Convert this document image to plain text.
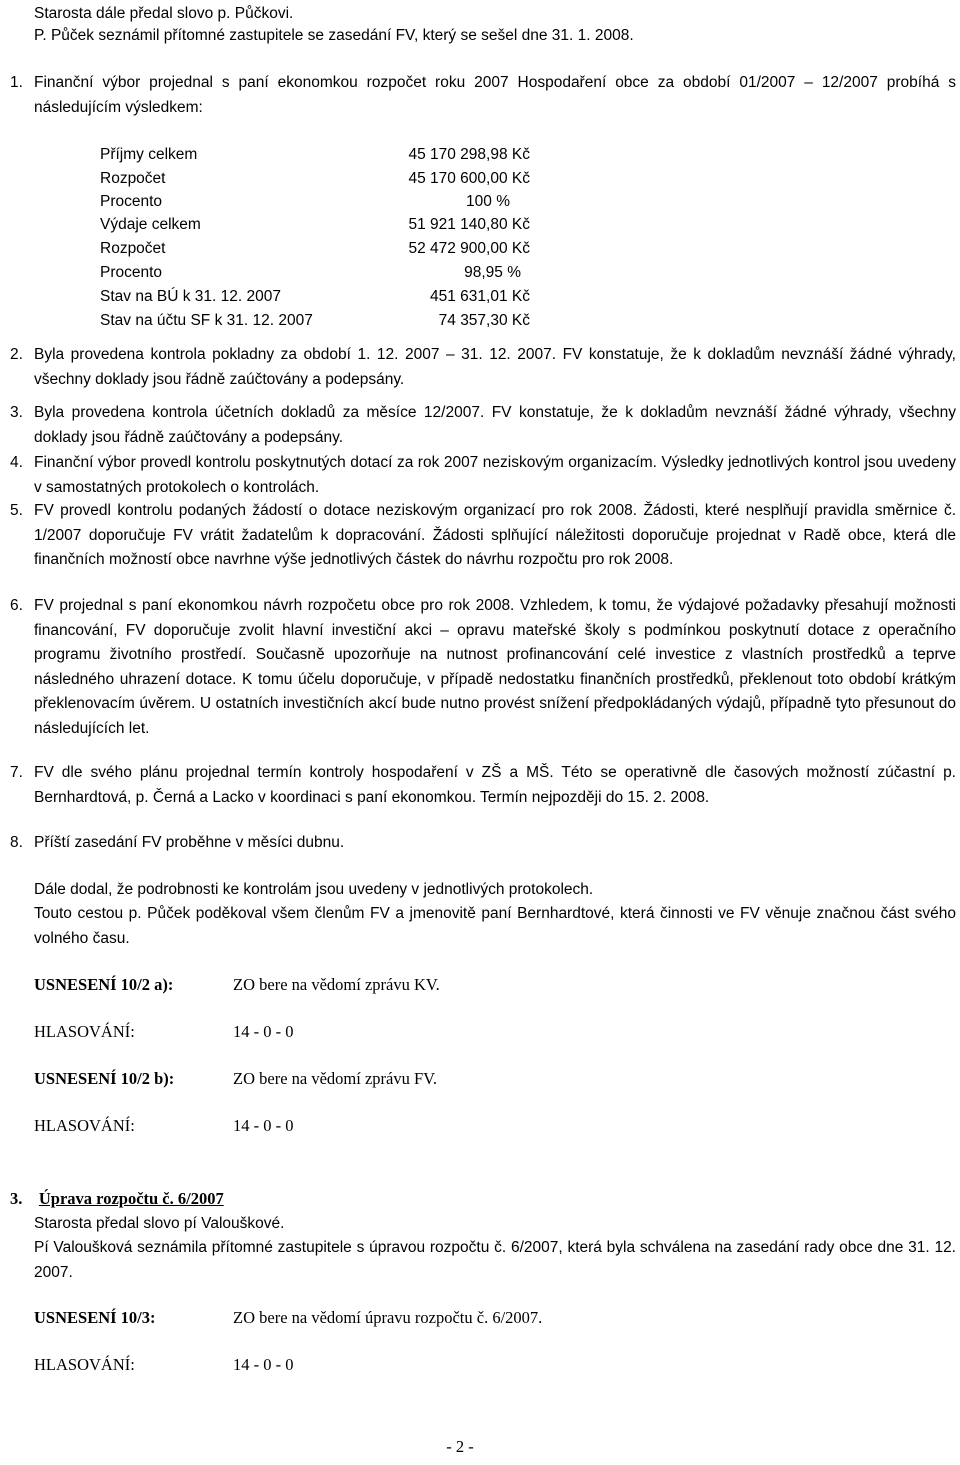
Starosta dále předal slovo p. Půčkovi.
P. Půček seznámil přítomné zastupitele se zasedání FV, který se sešel dne 31. 1. 2008.
1. Finanční výbor projednal s paní ekonomkou rozpočet roku 2007 Hospodaření obce za období 01/2007 – 12/2007 probíhá s následujícím výsledkem:
Příjmy celkem	45 170 298,98 Kč
Rozpočet	45 170 600,00 Kč
Procento	100 %
Výdaje celkem	51 921 140,80 Kč
Rozpočet	52 472 900,00 Kč
Procento	98,95 %
Stav na BÚ k 31. 12. 2007	451 631,01 Kč
Stav na účtu SF k 31. 12. 2007	74 357,30 Kč
2. Byla provedena kontrola pokladny za období 1. 12. 2007 – 31. 12. 2007. FV konstatuje, že k dokladům nevznáší žádné výhrady, všechny doklady jsou řádně zaúčtovány a podepsány.
3. Byla provedena kontrola účetních dokladů za měsíce 12/2007. FV konstatuje, že k dokladům nevznáší žádné výhrady, všechny doklady jsou řádně zaúčtovány a podepsány.
4. Finanční výbor provedl kontrolu poskytnutých dotací za rok 2007 neziskovým organizacím. Výsledky jednotlivých kontrol jsou uvedeny v samostatných protokolech o kontrolách.
5. FV provedl kontrolu podaných žádostí o dotace neziskovým organizací pro rok 2008. Žádosti, které nesplňují pravidla směrnice č. 1/2007 doporučuje FV vrátit žadatelům k dopracování. Žádosti splňující náležitosti doporučuje projednat v Radě obce, která dle finančních možností obce navrhne výše jednotlivých částek do návrhu rozpočtu pro rok 2008.
6. FV projednal s paní ekonomkou návrh rozpočetu obce pro rok 2008. Vzhledem, k tomu, že výdajové požadavky přesahují možnosti financování, FV doporučuje zvolit hlavní investiční akci – opravu mateřské školy s podmínkou poskytnutí dotace z operačního programu životního prostředí. Současně upozorňuje na nutnost profinancování celé investice z vlastních prostředků a teprve následného uhrazení dotace. K tomu účelu doporučuje, v případě nedostatku finančních prostředků, překlenout toto období krátkým překlenovacím úvěrem. U ostatních investičních akcí bude nutno provést snížení předpokládaných výdajů, případně tyto přesunout do následujících let.
7. FV dle svého plánu projednal termín kontroly hospodaření v ZŠ a MŠ. Této se operativně dle časových možností zúčastní p. Bernhardtová, p. Černá a Lacko v koordinaci s paní ekonomkou. Termín nejpozději do 15. 2. 2008.
8. Příští zasedání FV proběhne v měsíci dubnu.
Dále dodal, že podrobnosti ke kontrolám jsou uvedeny v jednotlivých protokolech.
Touto cestou p. Půček poděkoval všem členům FV a jmenovitě paní Bernhardtové, která činnosti ve FV věnuje značnou část svého volného času.
USNESENÍ 10/2 a):	ZO bere na vědomí zprávu KV.
HLASOVÁNÍ:	14 - 0 - 0
USNESENÍ 10/2 b):	ZO bere na vědomí zprávu FV.
HLASOVÁNÍ:	14 - 0 - 0
3. Úprava rozpočtu č. 6/2007
Starosta předal slovo pí Valouškové.
Pí Valoušková seznámila přítomné zastupitele s úpravou rozpočtu č. 6/2007, která byla schválena na zasedání rady obce dne 31. 12. 2007.
USNESENÍ 10/3:	ZO bere na vědomí úpravu rozpočtu č. 6/2007.
HLASOVÁNÍ:	14 - 0 - 0
- 2 -
